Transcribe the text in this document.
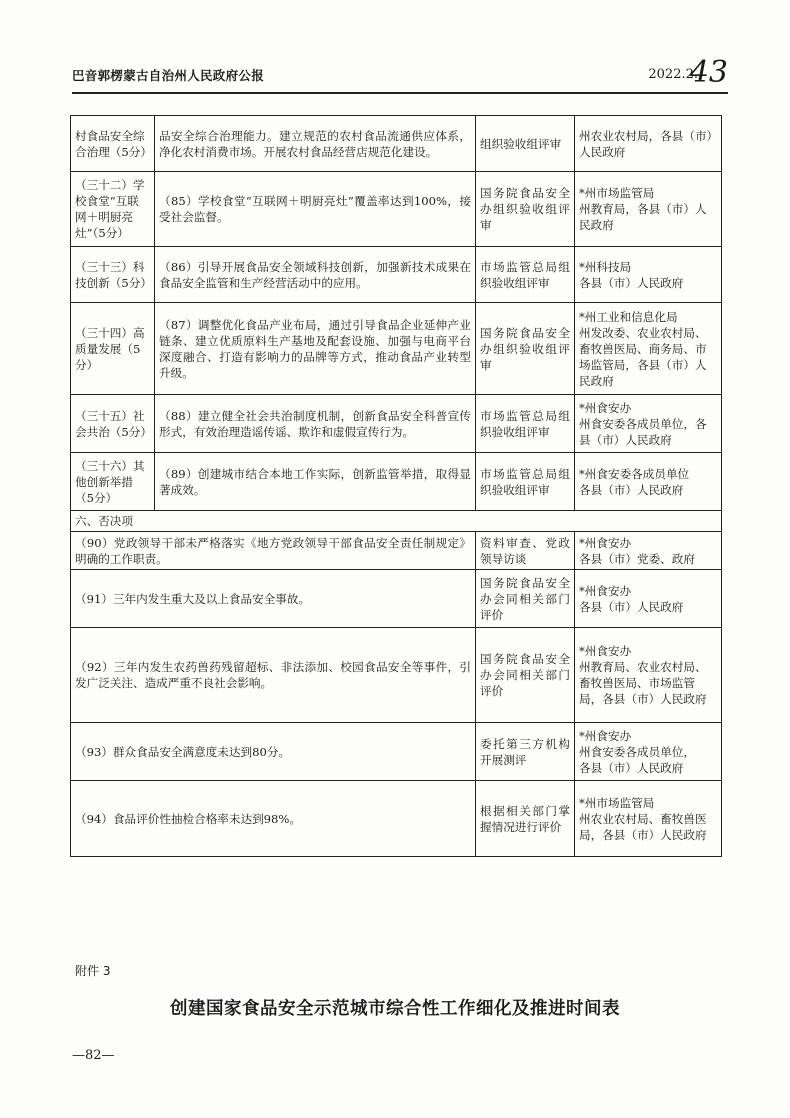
巴音郭楞蒙古自治州人民政府公报	2022.2.
43
村食品安全综合治理（5分）	品安全综合治理能力。建立规范的农村食品流通供应体系，净化农村消费市场。开展农村食品经营店规范化建设。	组织验收组评审	州农业农村局，各县（市）人民政府

（三十二）学校食堂“互联网＋明厨亮灶”（5分）	（85）学校食堂“互联网＋明厨亮灶”覆盖率达到100%，接受社会监督。	国务院食品安全办组织验收组评审	*州市场监管局
州教育局，各县（市）人民政府

（三十三）科技创新（5分）	（86）引导开展食品安全领域科技创新，加强新技术成果在食品安全监管和生产经营活动中的应用。	市场监管总局组织验收组评审	*州科技局
各县（市）人民政府

（三十四）高质量发展（5分）	（87）调整优化食品产业布局，通过引导食品企业延伸产业链条、建立优质原料生产基地及配套设施、加强与电商平台深度融合、打造有影响力的品牌等方式，推动食品产业转型升级。	国务院食品安全办组织验收组评审	*州工业和信息化局
州发改委、农业农村局、畜牧兽医局、商务局、市场监管局，各县（市）人民政府

（三十五）社会共治（5分）	（88）建立健全社会共治制度机制，创新食品安全科普宣传形式，有效治理造谣传谣、欺诈和虚假宣传行为。	市场监管总局组织验收组评审	*州食安办
州食安委各成员单位，各县（市）人民政府

（三十六）其他创新举措（5分）	（89）创建城市结合本地工作实际，创新监管举措，取得显著成效。	市场监管总局组织验收组评审	*州食安委各成员单位
各县（市）人民政府

六、否决项			
（90）党政领导干部未严格落实《地方党政领导干部食品安全责任制规定》明确的工作职责。		资料审查、党政领导访谈	*州食安办
各县（市）党委、政府

（91）三年内发生重大及以上食品安全事故。		国务院食品安全办会同相关部门评价	*州食安办
各县（市）人民政府

（92）三年内发生农药兽药残留超标、非法添加、校园食品安全等事件，引发广泛关注、造成严重不良社会影响。		国务院食品安全办会同相关部门评价	*州食安办
州教育局、农业农村局、畜牧兽医局、市场监管局，各县（市）人民政府

（93）群众食品安全满意度未达到80分。		委托第三方机构开展测评	*州食安办
州食安委各成员单位，
各县（市）人民政府

（94）食品评价性抽检合格率未达到98%。		根据相关部门掌握情况进行评价	*州市场监管局
州农业农村局、畜牧兽医局，各县（市）人民政府
附件 3
创建国家食品安全示范城市综合性工作细化及推进时间表
—82—
